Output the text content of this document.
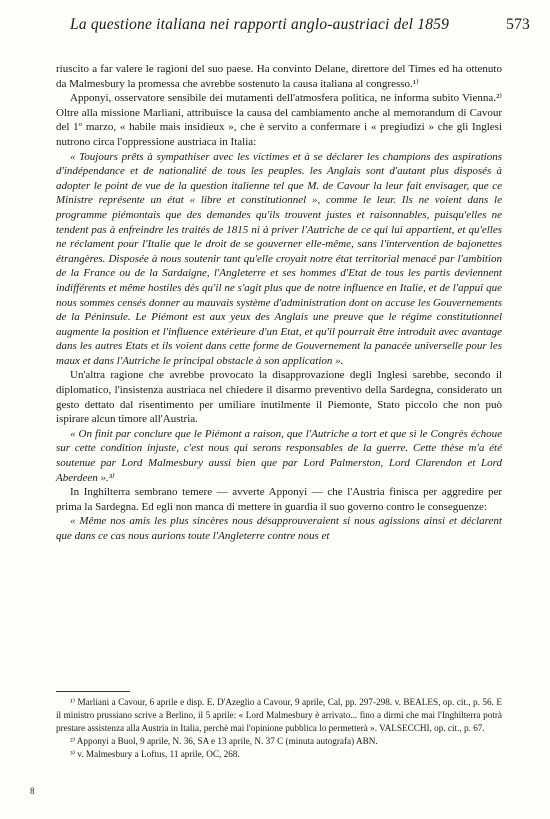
La questione italiana nei rapporti anglo-austriaci del 1859	573

riuscito a far valere le ragioni del suo paese. Ha convinto Delane, direttore del Times ed ha ottenuto da Malmesbury la promessa che avrebbe sostenuto la causa italiana al congresso.¹⁾

Apponyi, osservatore sensibile dei mutamenti dell'atmosfera politica, ne informa subito Vienna.²⁾ Oltre alla missione Marliani, attribuisce la causa del cambiamento anche al memorandum di Cavour del 1º marzo, « habile mais insidieux », che è servito a confermare i « pregiudizi » che gli Inglesi nutrono circa l'oppressione austriaca in Italia:

« Toujours prêts à sympathiser avec les victimes et à se déclarer les champions des aspirations d'indépendance et de nationalité de tous les peuples. les Anglais sont d'autant plus disposés à adopter le point de vue de la question italienne tel que M. de Cavour la leur fait envisager, que ce Ministre représente un état « libre et constitutionnel », comme le leur. Ils ne voient dans le programme piémontais que des demandes qu'ils trouvent justes et raisonnables, puisqu'elles ne tendent pas à enfreindre les traités de 1815 ni à priver l'Autriche de ce qui lui appartient, et qu'elles ne réclament pour l'Italie que le droit de se gouverner elle-même, sans l'intervention de bajonettes étrangères. Disposée à nous soutenir tant qu'elle croyait notre état territorial menacé par l'ambition de la France ou de la Sardaigne, l'Angleterre et ses hommes d'Etat de tous les partis deviennent indifférents et même hostiles dès qu'il ne s'agit plus que de notre influence en Italie, et de l'appui que nous sommes censés donner au mauvais système d'administration dont on accuse les Gouvernements de la Péninsule. Le Piémont est aux yeux des Anglais une preuve que le régime constitutionnel augmente la position et l'influence extérieure d'un Etat, et qu'il pourrait être introduit avec avantage dans les autres Etats et ils voient dans cette forme de Gouvernement la panacée universelle pour les maux et dans l'Autriche le principal obstacle à son application ».

Un'altra ragione che avrebbe provocato la disapprovazione degli Inglesi sarebbe, secondo il diplomatico, l'insistenza austriaca nel chiedere il disarmo preventivo della Sardegna, considerato un gesto dettato dal risentimento per umiliare inutilmente il Piemonte, Stato piccolo che non può ispirare alcun timore all'Austria.

« On finit par conclure que le Piémont a raison, que l'Autriche a tort et que si le Congrès échoue sur cette condition injuste, c'est nous qui serons responsables de la guerre. Cette thèse m'a été soutenue par Lord Malmesbury aussi bien que par Lord Palmerston, Lord Clarendon et Lord Aberdeen ».³⁾

In Inghilterra sembrano temere — avverte Apponyi — che l'Austria finisca per aggredire per prima la Sardegna. Ed egli non manca di mettere in guardia il suo governo contro le conseguenze:

« Même nos amis les plus sincères nous désapprouveraient si nous agissions ainsi et déclarent que dans ce cas nous aurions toute l'Angleterre contre nous et

¹⁾ Marliani a Cavour, 6 aprile e disp. E. D'Azeglio a Cavour, 9 aprile, Cal, pp. 297-298. v. BEALES, op. cit., p. 56. E il ministro prussiano scrive a Berlino, il 5 aprile: « Lord Malmesbury è arrivato... fino a dirmi che mai l'Inghilterra potrà prestare assistenza alla Austria in Italia, perchè mai l'opinione pubblica lo permetterà ». VALSECCHI, op. cit., p. 67.

²⁾ Apponyi a Buol, 9 aprile, N. 36, SA e 13 aprile, N. 37 C (minuta autografa) ABN.

³⁾ v. Malmesbury a Loftus, 11 aprile, OC, 268.

8
